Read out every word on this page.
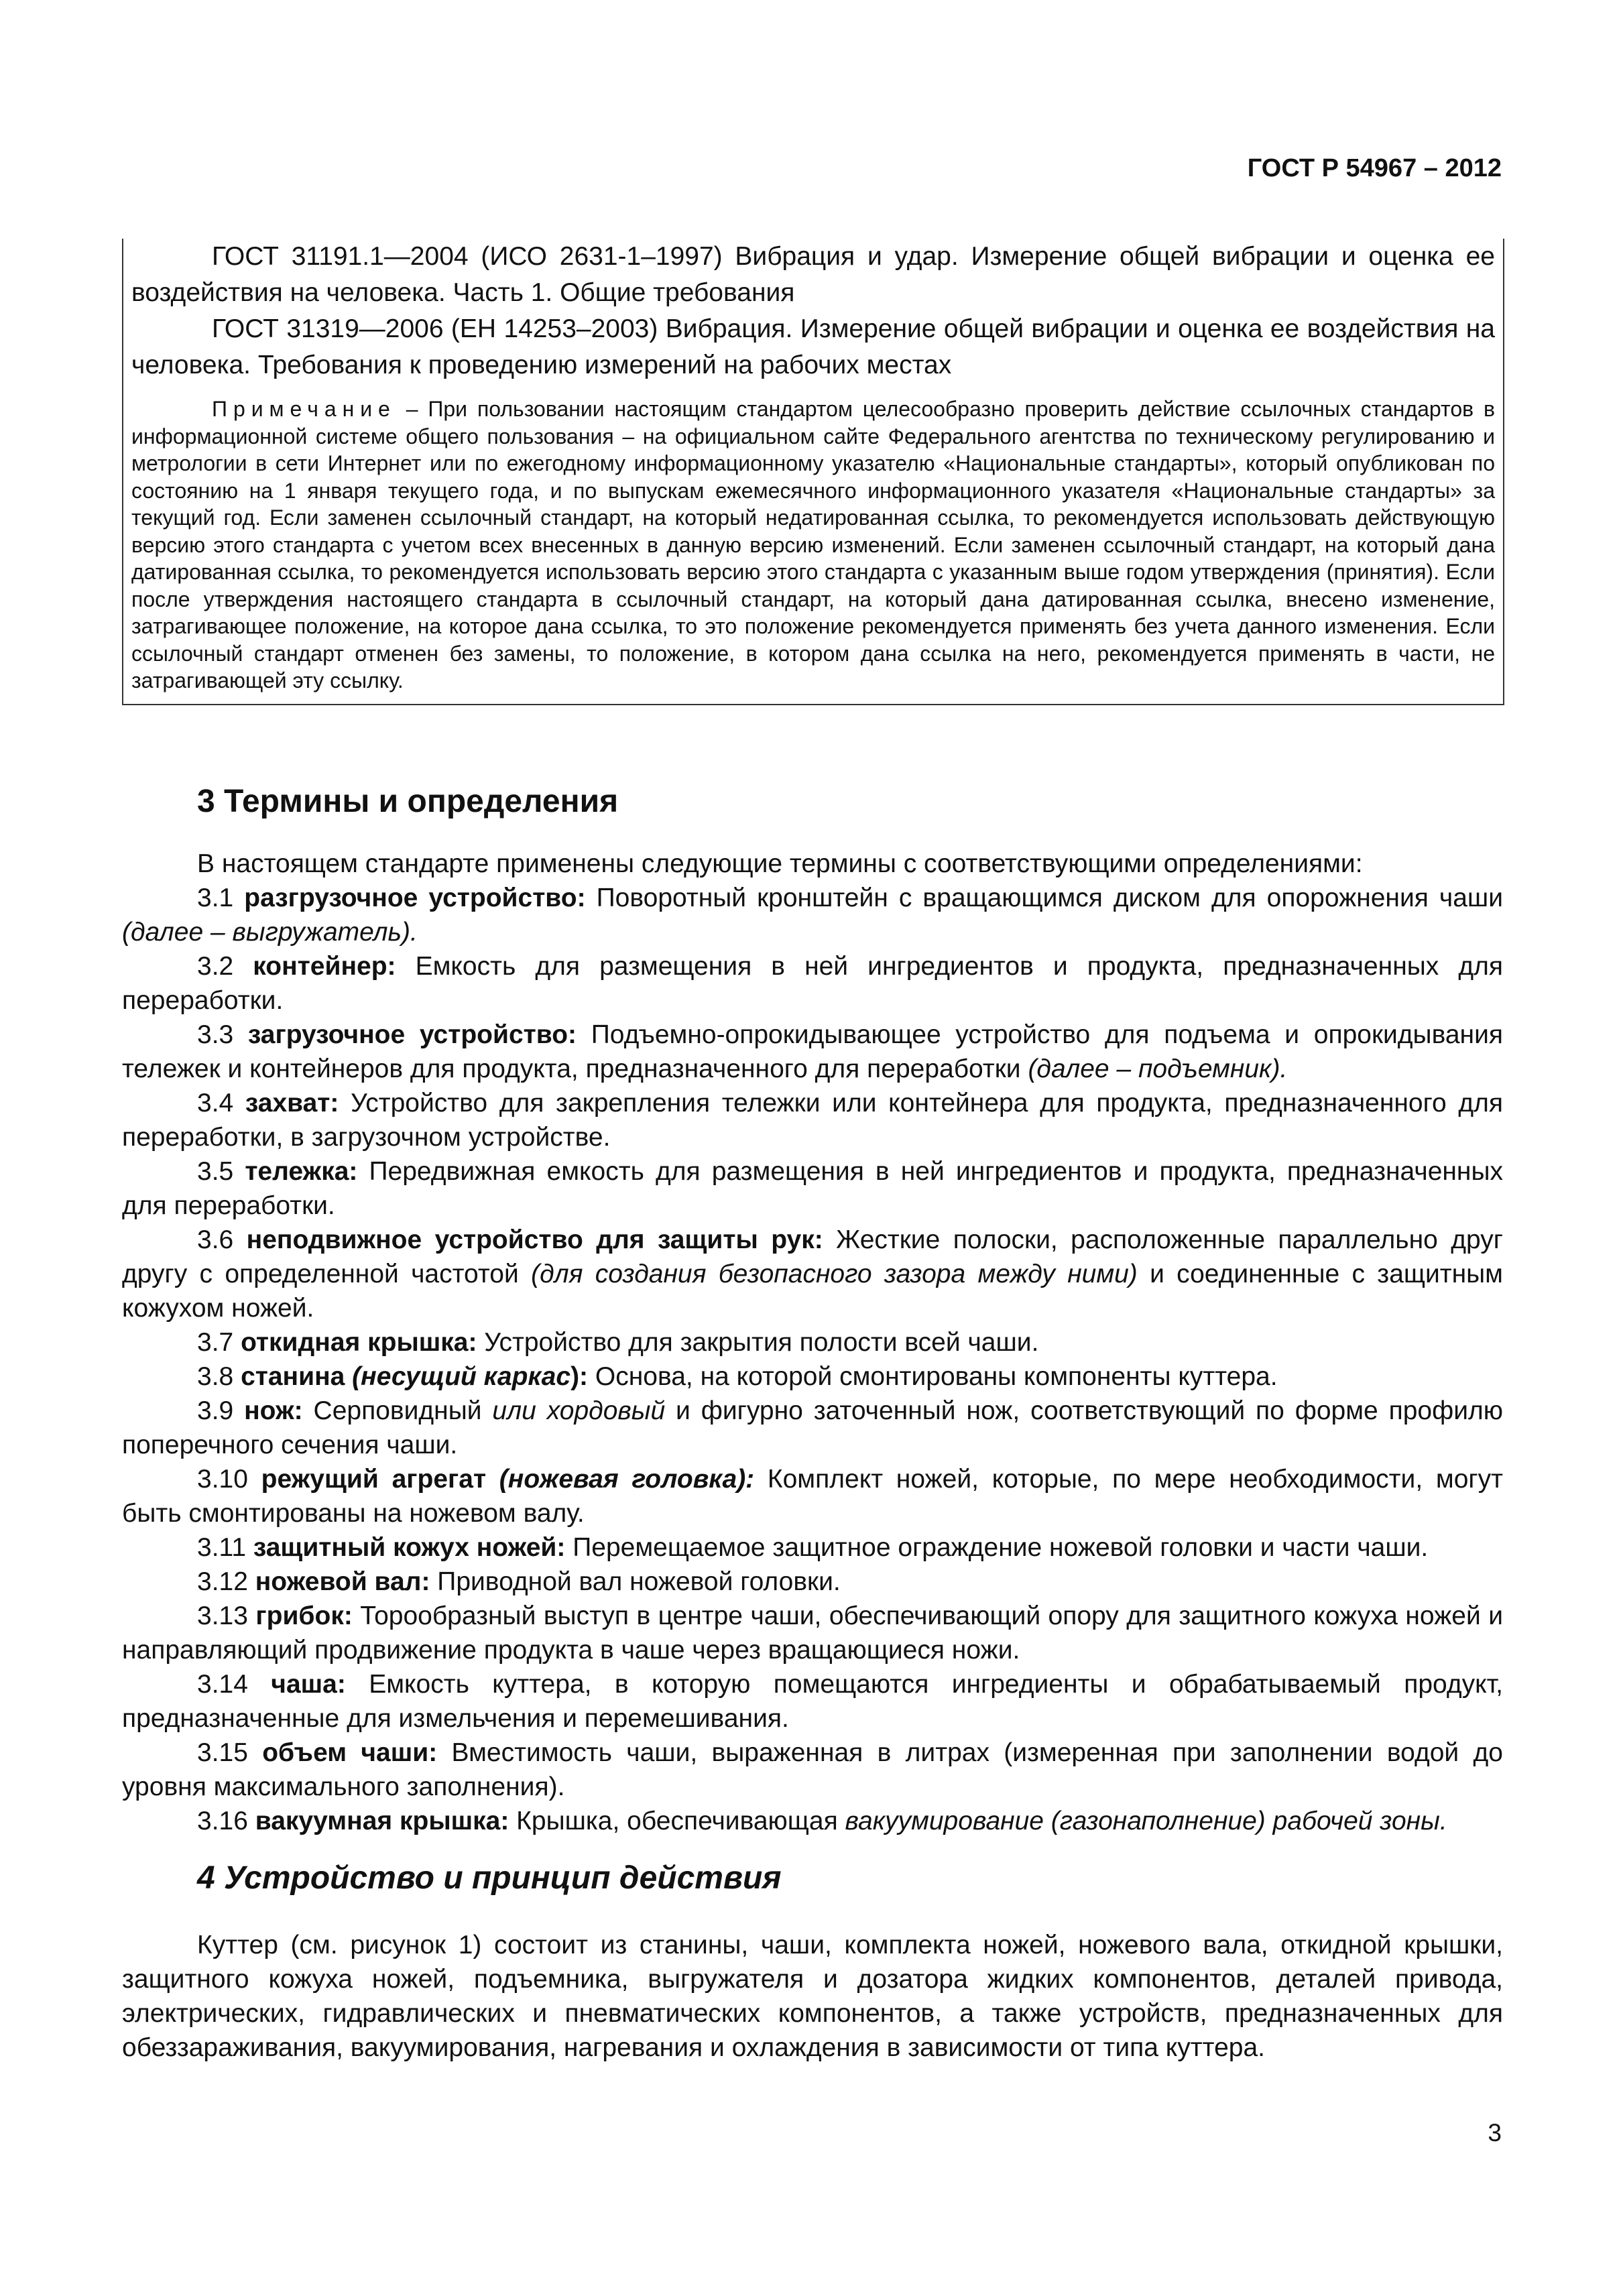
ГОСТ Р 54967 – 2012

ГОСТ 31191.1—2004 (ИСО 2631-1–1997) Вибрация и удар. Измерение общей вибрации и оценка ее воздействия на человека. Часть 1. Общие требования

ГОСТ 31319—2006 (ЕН 14253–2003) Вибрация. Измерение общей вибрации и оценка ее воздействия на человека. Требования к проведению измерений на рабочих местах

Примечание – При пользовании настоящим стандартом целесообразно проверить действие ссылочных стандартов в информационной системе общего пользования – на официальном сайте Федерального агентства по техническому регулированию и метрологии в сети Интернет или по ежегодному информационному указателю «Национальные стандарты», который опубликован по состоянию на 1 января текущего года, и по выпускам ежемесячного информационного указателя «Национальные стандарты» за текущий год. Если заменен ссылочный стандарт, на который недатированная ссылка, то рекомендуется использовать действующую версию этого стандарта с учетом всех внесенных в данную версию изменений. Если заменен ссылочный стандарт, на который дана датированная ссылка, то рекомендуется использовать версию этого стандарта с указанным выше годом утверждения (принятия). Если после утверждения настоящего стандарта в ссылочный стандарт, на который дана датированная ссылка, внесено изменение, затрагивающее положение, на которое дана ссылка, то это положение рекомендуется применять без учета данного изменения. Если ссылочный стандарт отменен без замены, то положение, в котором дана ссылка на него, рекомендуется применять в части, не затрагивающей эту ссылку.

3 Термины и определения

В настоящем стандарте применены следующие термины с соответствующими определениями:

3.1 разгрузочное устройство: Поворотный кронштейн с вращающимся диском для опорожнения чаши (далее – выгружатель).

3.2 контейнер: Емкость для размещения в ней ингредиентов и продукта, предназначенных для переработки.

3.3 загрузочное устройство: Подъемно-опрокидывающее устройство для подъема и опрокидывания тележек и контейнеров для продукта, предназначенного для переработки (далее – подъемник).

3.4 захват: Устройство для закрепления тележки или контейнера для продукта, предназначенного для переработки, в загрузочном устройстве.

3.5 тележка: Передвижная емкость для размещения в ней ингредиентов и продукта, предназначенных для переработки.

3.6 неподвижное устройство для защиты рук: Жесткие полоски, расположенные параллельно друг другу с определенной частотой (для создания безопасного зазора между ними) и соединенные с защитным кожухом ножей.

3.7 откидная крышка: Устройство для закрытия полости всей чаши.

3.8 станина (несущий каркас): Основа, на которой смонтированы компоненты куттера.

3.9 нож: Серповидный или хордовый и фигурно заточенный нож, соответствующий по форме профилю поперечного сечения чаши.

3.10 режущий агрегат (ножевая головка): Комплект ножей, которые, по мере необходимости, могут быть смонтированы на ножевом валу.

3.11 защитный кожух ножей: Перемещаемое защитное ограждение ножевой головки и части чаши.

3.12 ножевой вал: Приводной вал ножевой головки.

3.13 грибок: Торообразный выступ в центре чаши, обеспечивающий опору для защитного кожуха ножей и направляющий продвижение продукта в чаше через вращающиеся ножи.

3.14 чаша: Емкость куттера, в которую помещаются ингредиенты и обрабатываемый продукт, предназначенные для измельчения и перемешивания.

3.15 объем чаши: Вместимость чаши, выраженная в литрах (измеренная при заполнении водой до уровня максимального заполнения).

3.16 вакуумная крышка: Крышка, обеспечивающая вакуумирование (газонаполнение) рабочей зоны.

4 Устройство и принцип действия

Куттер (см. рисунок 1) состоит из станины, чаши, комплекта ножей, ножевого вала, откидной крышки, защитного кожуха ножей, подъемника, выгружателя и дозатора жидких компонентов, деталей привода, электрических, гидравлических и пневматических компонентов, а также устройств, предназначенных для обеззараживания, вакуумирования, нагревания и охлаждения в зависимости от типа куттера.

3
